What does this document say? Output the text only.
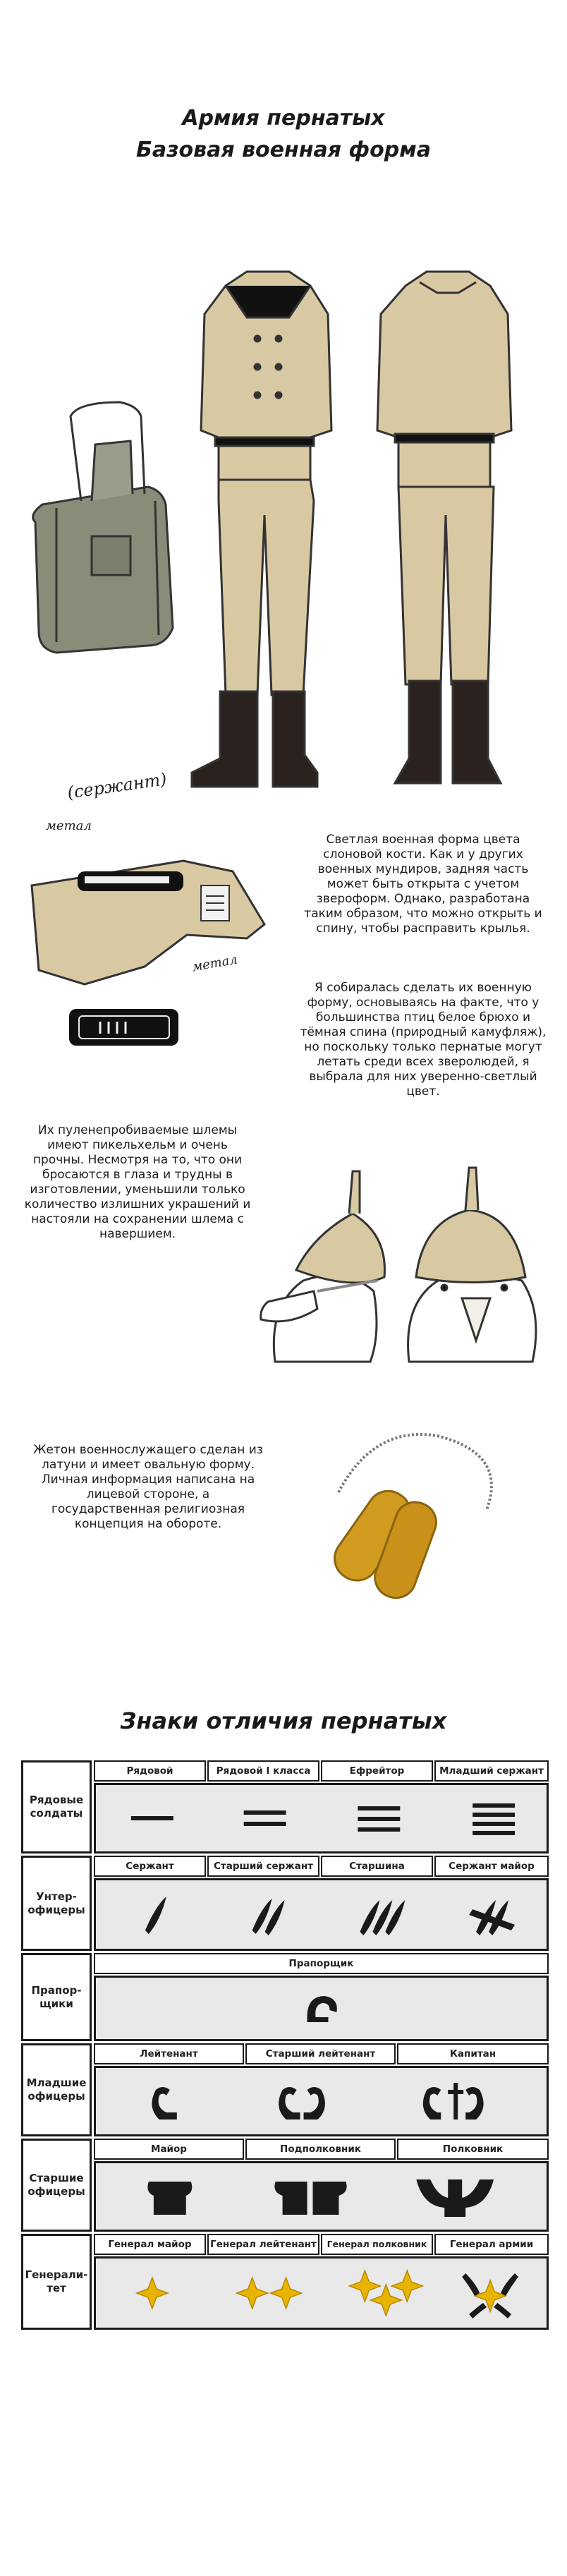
Армия пернатых
Базовая военная форма
(сержант)
метал
метал
Светлая военная форма цвета слоновой кости. Как и у других военных мундиров, задняя часть может быть открыта с учетом звероформ. Однако, разработана таким образом, что можно открыть и спину, чтобы расправить крылья.
Я собиралась сделать их военную форму, основываясь на факте, что у большинства птиц белое брюхо и тёмная спина (природный камуфляж), но поскольку только пернатые могут летать среди всех зверолюдей, я выбрала для них уверенно-светлый цвет.
Их пуленепробиваемые шлемы имеют пикельхельм и очень прочны. Несмотря на то, что они бросаются в глаза и трудны в изготовлении, уменьшили только количество излишних украшений и настояли на сохранении шлема с навершием.
Жетон военнослужащего сделан из латуни и имеет овальную форму. Личная информация написана на лицевой стороне, а государственная религиозная концепция на обороте.
Знаки отличия пернатых
Рядовые солдаты
Рядовой	Рядовой I класса	Ефрейтор	Младший сержант
Унтер-офицеры
Сержант	Старший сержант	Старшина	Сержант майор
Прапор-щики
Прапорщик
Младшие офицеры
Лейтенант	Старший лейтенант	Капитан
Старшие офицеры
Майор	Подполковник	Полковник
Генерали-тет
Генерал майор	Генерал лейтенант	Генерал полковник	Генерал армии
